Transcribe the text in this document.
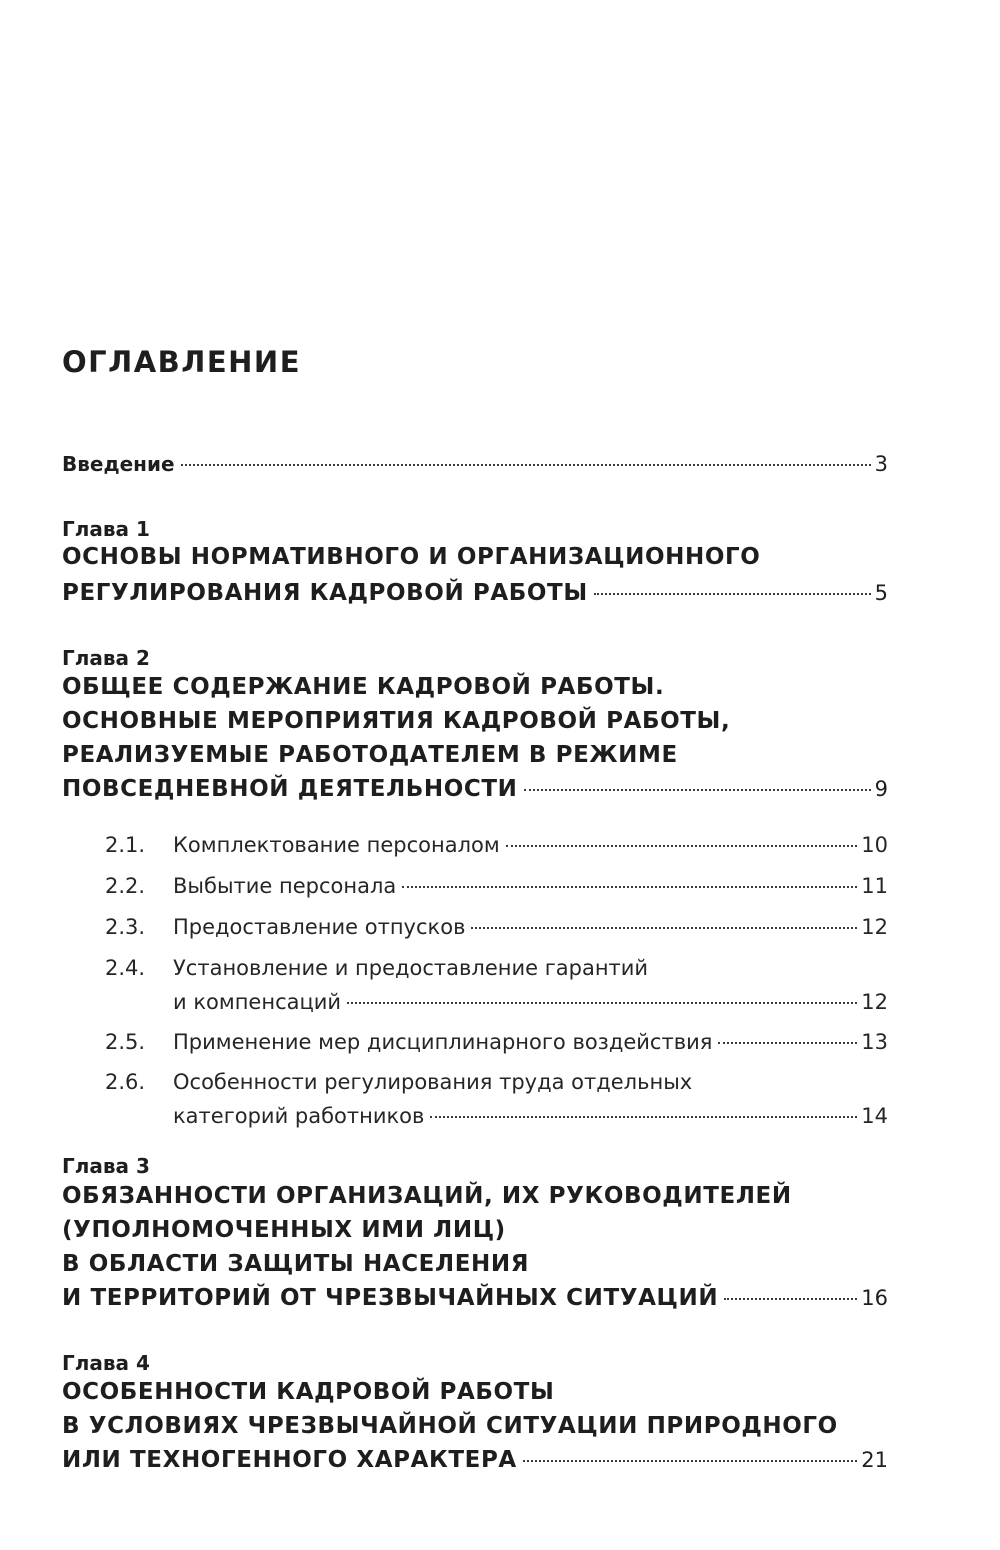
ОГЛАВЛЕНИЕ
Введение	3
Глава 1
ОСНОВЫ НОРМАТИВНОГО И ОРГАНИЗАЦИОННОГО
РЕГУЛИРОВАНИЯ КАДРОВОЙ РАБОТЫ	5
Глава 2
ОБЩЕЕ СОДЕРЖАНИЕ КАДРОВОЙ РАБОТЫ.
ОСНОВНЫЕ МЕРОПРИЯТИЯ КАДРОВОЙ РАБОТЫ,
РЕАЛИЗУЕМЫЕ РАБОТОДАТЕЛЕМ В РЕЖИМЕ
ПОВСЕДНЕВНОЙ ДЕЯТЕЛЬНОСТИ	9
2.1. Комплектование персоналом	10
2.2. Выбытие персонала	11
2.3. Предоставление отпусков	12
2.4. Установление и предоставление гарантий
и компенсаций	12
2.5. Применение мер дисциплинарного воздействия	13
2.6. Особенности регулирования труда отдельных
категорий работников	14
Глава 3
ОБЯЗАННОСТИ ОРГАНИЗАЦИЙ, ИХ РУКОВОДИТЕЛЕЙ
(УПОЛНОМОЧЕННЫХ ИМИ ЛИЦ)
В ОБЛАСТИ ЗАЩИТЫ НАСЕЛЕНИЯ
И ТЕРРИТОРИЙ ОТ ЧРЕЗВЫЧАЙНЫХ СИТУАЦИЙ	16
Глава 4
ОСОБЕННОСТИ КАДРОВОЙ РАБОТЫ
В УСЛОВИЯХ ЧРЕЗВЫЧАЙНОЙ СИТУАЦИИ ПРИРОДНОГО
ИЛИ ТЕХНОГЕННОГО ХАРАКТЕРА	21
